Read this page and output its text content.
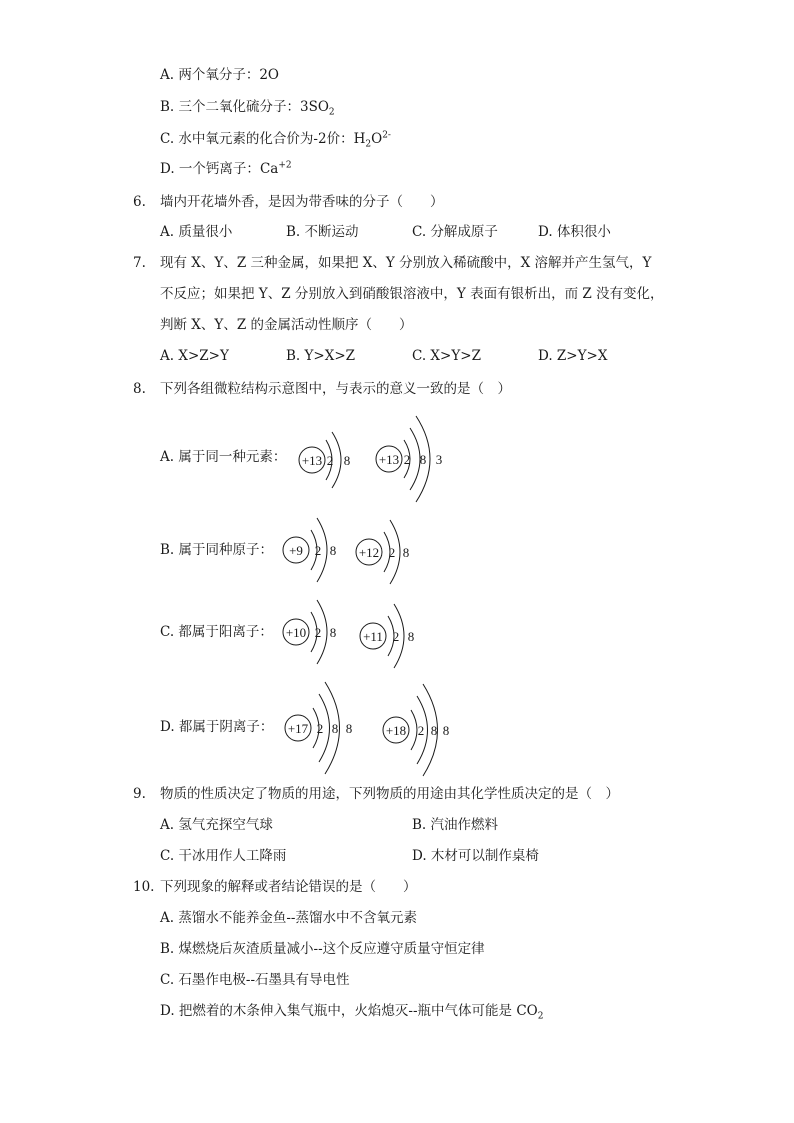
A. 两个氧分子：2O
B. 三个二氧化硫分子：$3SO_2$
C. 水中氧元素的化合价为-2价：$H_2O^{2-}$
D. 一个钙离子：$Ca^{+2}$
6. 墙内开花墙外香，是因为带香味的分子（　　）
A. 质量很小	B. 不断运动	C. 分解成原子	D. 体积很小
7. 现有 X、Y、Z 三种金属，如果把 X、Y 分别放入稀硫酸中，X 溶解并产生氢气，Y
不反应；如果把 Y、Z 分别放入到硝酸银溶液中，Y 表面有银析出，而 Z 没有变化，
判断 X、Y、Z 的金属活动性顺序（　　）
A. X>Z>Y	B. Y>X>Z	C. X>Y>Z	D. Z>Y>X
8. 下列各组微粒结构示意图中，与表示的意义一致的是（　）
A. 属于同一种元素： +13 2 8 +13 2 8 3
B. 属于同种原子： +9 2 8 +12 2 8
C. 都属于阳离子： +10 2 8 +11 2 8
D. 都属于阴离子： +17 2 8 8	+18 2 8 8
9. 物质的性质决定了物质的用途，下列物质的用途由其化学性质决定的是（　）
A. 氢气充探空气球	B. 汽油作燃料
C. 干冰用作人工降雨	D. 木材可以制作桌椅
10. 下列现象的解释或者结论错误的是（　　）
A. 蒸馏水不能养金鱼--蒸馏水中不含氧元素
B. 煤燃烧后灰渣质量减小--这个反应遵守质量守恒定律
C. 石墨作电极--石墨具有导电性
D. 把燃着的木条伸入集气瓶中，火焰熄灭--瓶中气体可能是 $CO_2$
